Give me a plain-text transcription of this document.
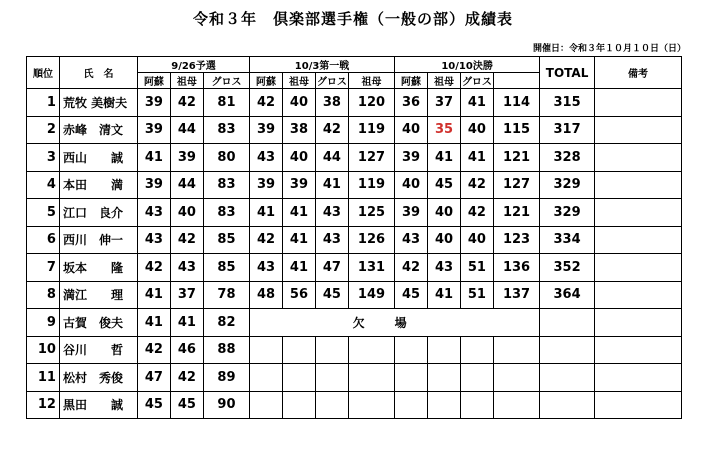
令和３年　倶楽部選手権（一般の部）成績表
開催日：令和３年１０月１０日（日）
順位	氏　名	9/26予選			10/3第一戦				10/10決勝				TOTAL	備考
		阿蘇	祖母	グロス	阿蘇	祖母	グロス	祖母	阿蘇	祖母	グロス			
1	荒牧 美樹夫	39	42	81	42	40	38	120	36	37	41	114	315	
2	赤峰　清文	39	44	83	39	38	42	119	40	35	40	115	317	
3	西山　　誠	41	39	80	43	40	44	127	39	41	41	121	328	
4	本田　　満	39	44	83	39	39	41	119	40	45	42	127	329	
5	江口　良介	43	40	83	41	41	43	125	39	40	42	121	329	
6	西川　伸一	43	42	85	42	41	43	126	43	40	40	123	334	
7	坂本　　隆	42	43	85	43	41	47	131	42	43	51	136	352	
8	満江　　理	41	37	78	48	56	45	149	45	41	51	137	364	
9	古賀　俊夫	41	41	82	欠場									
10	谷川　　哲	42	46	88										
11	松村　秀俊	47	42	89										
12	黒田　　誠	45	45	90										
